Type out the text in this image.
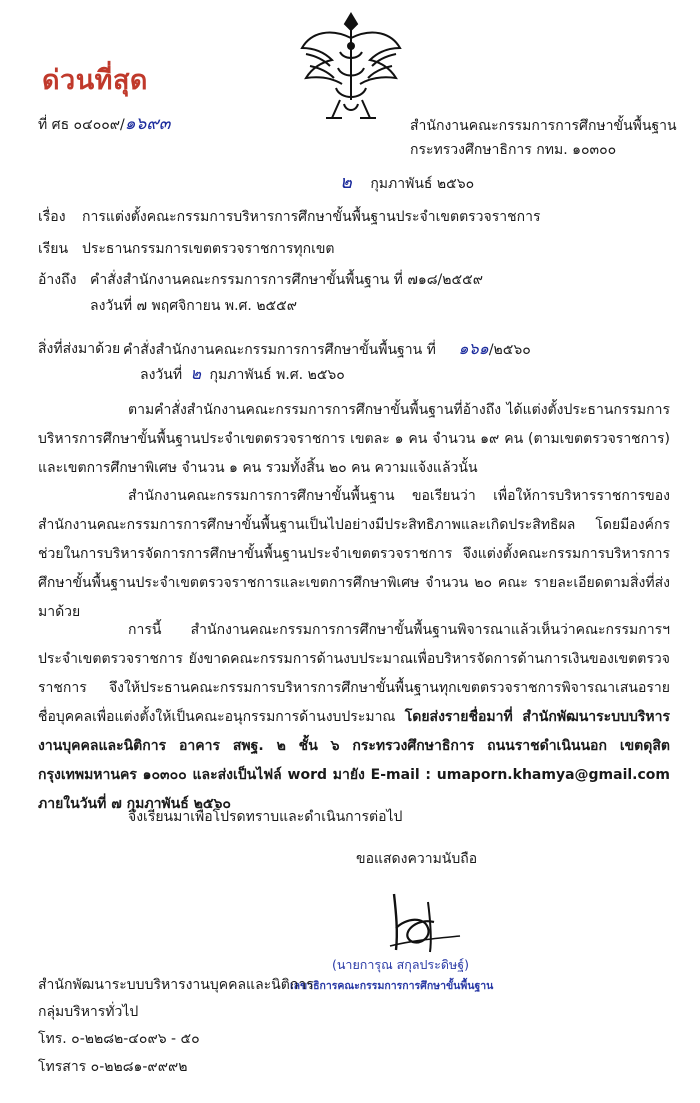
ด่วนที่สุด
ที่ ศธ ๐๔๐๐๙/๑๖๙๓	สำนักงานคณะกรรมการการศึกษาขั้นพื้นฐาน
กระทรวงศึกษาธิการ กทม. ๑๐๓๐๐
๒ กุมภาพันธ์ ๒๕๖๐
เรื่อง การแต่งตั้งคณะกรรมการบริหารการศึกษาขั้นพื้นฐานประจำเขตตรวจราชการ
เรียน ประธานกรรมการเขตตรวจราชการทุกเขต
อ้างถึง คำสั่งสำนักงานคณะกรรมการการศึกษาขั้นพื้นฐาน ที่ ๗๑๘/๒๕๕๙
ลงวันที่ ๗ พฤศจิกายน พ.ศ. ๒๕๕๙
สิ่งที่ส่งมาด้วย คำสั่งสำนักงานคณะกรรมการการศึกษาขั้นพื้นฐาน ที่ ๑๖๑/๒๕๖๐
ลงวันที่ ๒ กุมภาพันธ์ พ.ศ. ๒๕๖๐
ตามคำสั่งสำนักงานคณะกรรมการการศึกษาขั้นพื้นฐานที่อ้างถึง ได้แต่งตั้งประธานกรรมการบริหารการศึกษาขั้นพื้นฐานประจำเขตตรวจราชการ เขตละ ๑ คน จำนวน ๑๙ คน (ตามเขตตรวจราชการ) และเขตการศึกษาพิเศษ จำนวน ๑ คน รวมทั้งสิ้น ๒๐ คน ความแจ้งแล้วนั้น
สำนักงานคณะกรรมการการศึกษาขั้นพื้นฐาน ขอเรียนว่า เพื่อให้การบริหารราชการของสำนักงานคณะกรรมการการศึกษาขั้นพื้นฐานเป็นไปอย่างมีประสิทธิภาพและเกิดประสิทธิผล โดยมีองค์กรช่วยในการบริหารจัดการการศึกษาขั้นพื้นฐานประจำเขตตรวจราชการ จึงแต่งตั้งคณะกรรมการบริหารการศึกษาขั้นพื้นฐานประจำเขตตรวจราชการและเขตการศึกษาพิเศษ จำนวน ๒๐ คณะ รายละเอียดตามสิ่งที่ส่งมาด้วย
การนี้ สำนักงานคณะกรรมการการศึกษาขั้นพื้นฐานพิจารณาแล้วเห็นว่าคณะกรรมการฯ ประจำเขตตรวจราชการ ยังขาดคณะกรรมการด้านงบประมาณเพื่อบริหารจัดการด้านการเงินของเขตตรวจราชการ จึงให้ประธานคณะกรรมการบริหารการศึกษาขั้นพื้นฐานทุกเขตตรวจราชการพิจารณาเสนอรายชื่อบุคคลเพื่อแต่งตั้งให้เป็นคณะอนุกรรมการด้านงบประมาณ โดยส่งรายชื่อมาที่ สำนักพัฒนาระบบบริหารงานบุคคลและนิติการ อาคาร สพฐ. ๒ ชั้น ๖ กระทรวงศึกษาธิการ ถนนราชดำเนินนอก เขตดุสิต กรุงเทพมหานคร ๑๐๓๐๐ และส่งเป็นไฟล์ word มายัง E-mail : umaporn.khamya@gmail.com ภายในวันที่ ๗ กุมภาพันธ์ ๒๕๖๐
จึงเรียนมาเพื่อโปรดทราบและดำเนินการต่อไป
ขอแสดงความนับถือ
(นายการุณ สกุลประดิษฐ์)
เลขาธิการคณะกรรมการการศึกษาขั้นพื้นฐาน
สำนักพัฒนาระบบบริหารงานบุคคลและนิติการ
กลุ่มบริหารทั่วไป
โทร. ๐-๒๒๘๒-๔๐๙๖ - ๕๐
โทรสาร ๐-๒๒๘๑-๙๙๙๒
